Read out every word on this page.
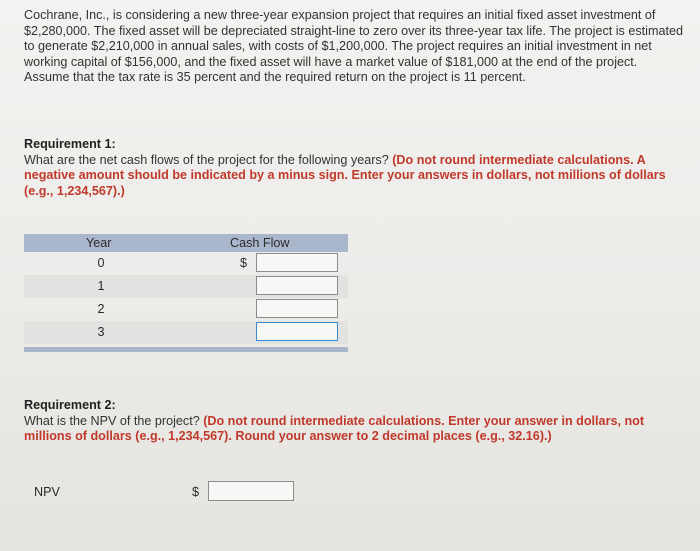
Cochrane, Inc., is considering a new three-year expansion project that requires an initial fixed asset investment of $2,280,000. The fixed asset will be depreciated straight-line to zero over its three-year tax life. The project is estimated to generate $2,210,000 in annual sales, with costs of $1,200,000. The project requires an initial investment in net working capital of $156,000, and the fixed asset will have a market value of $181,000 at the end of the project. Assume that the tax rate is 35 percent and the required return on the project is 11 percent.
Requirement 1:
What are the net cash flows of the project for the following years? (Do not round intermediate calculations. A negative amount should be indicated by a minus sign. Enter your answers in dollars, not millions of dollars (e.g., 1,234,567).)
Year	Cash Flow
0	$
1
2
3
Requirement 2:
What is the NPV of the project? (Do not round intermediate calculations. Enter your answer in dollars, not millions of dollars (e.g., 1,234,567). Round your answer to 2 decimal places (e.g., 32.16).)
NPV	$
